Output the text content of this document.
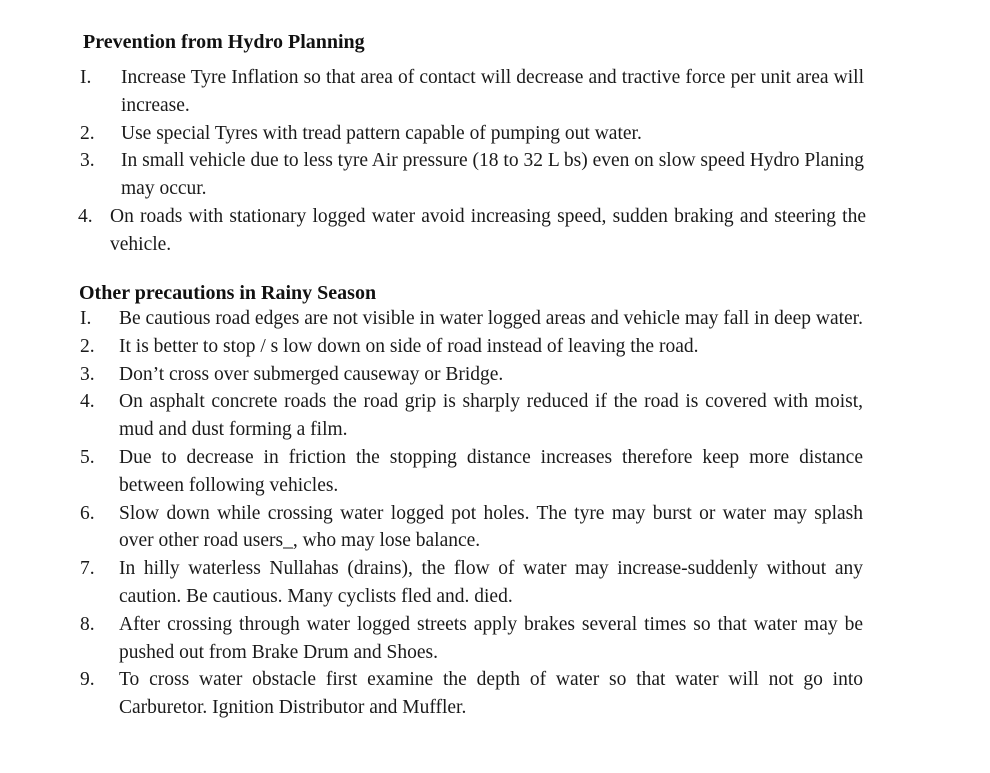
Prevention from Hydro Planning
I. Increase Tyre Inflation so that area of contact will decrease and tractive force per unit area will increase.
2. Use special Tyres with tread pattern capable of pumping out water.
3. In small vehicle due to less tyre Air pressure (18 to 32 L bs) even on slow speed Hydro Planing may occur.
4. On roads with stationary logged water avoid increasing speed, sudden braking and steering the vehicle.
Other precautions in Rainy Season
I. Be cautious road edges are not visible in water logged areas and vehicle may fall in deep water.
2. It is better to stop / s low down on side of road instead of leaving the road.
3. Don’t cross over submerged causeway or Bridge.
4. On asphalt concrete roads the road grip is sharply reduced if the road is covered with moist, mud and dust forming a film.
5. Due to decrease in friction the stopping distance increases therefore keep more distance between following vehicles.
6. Slow down while crossing water logged pot holes. The tyre may burst or water may splash over other road users_, who may lose balance.
7. In hilly waterless Nullahas (drains), the flow of water may increase-suddenly without any caution. Be cautious. Many cyclists fled and. died.
8. After crossing through water logged streets apply brakes several times so that water may be pushed out from Brake Drum and Shoes.
9. To cross water obstacle first examine the depth of water so that water will not go into Carburetor. Ignition Distributor and Muffler.
